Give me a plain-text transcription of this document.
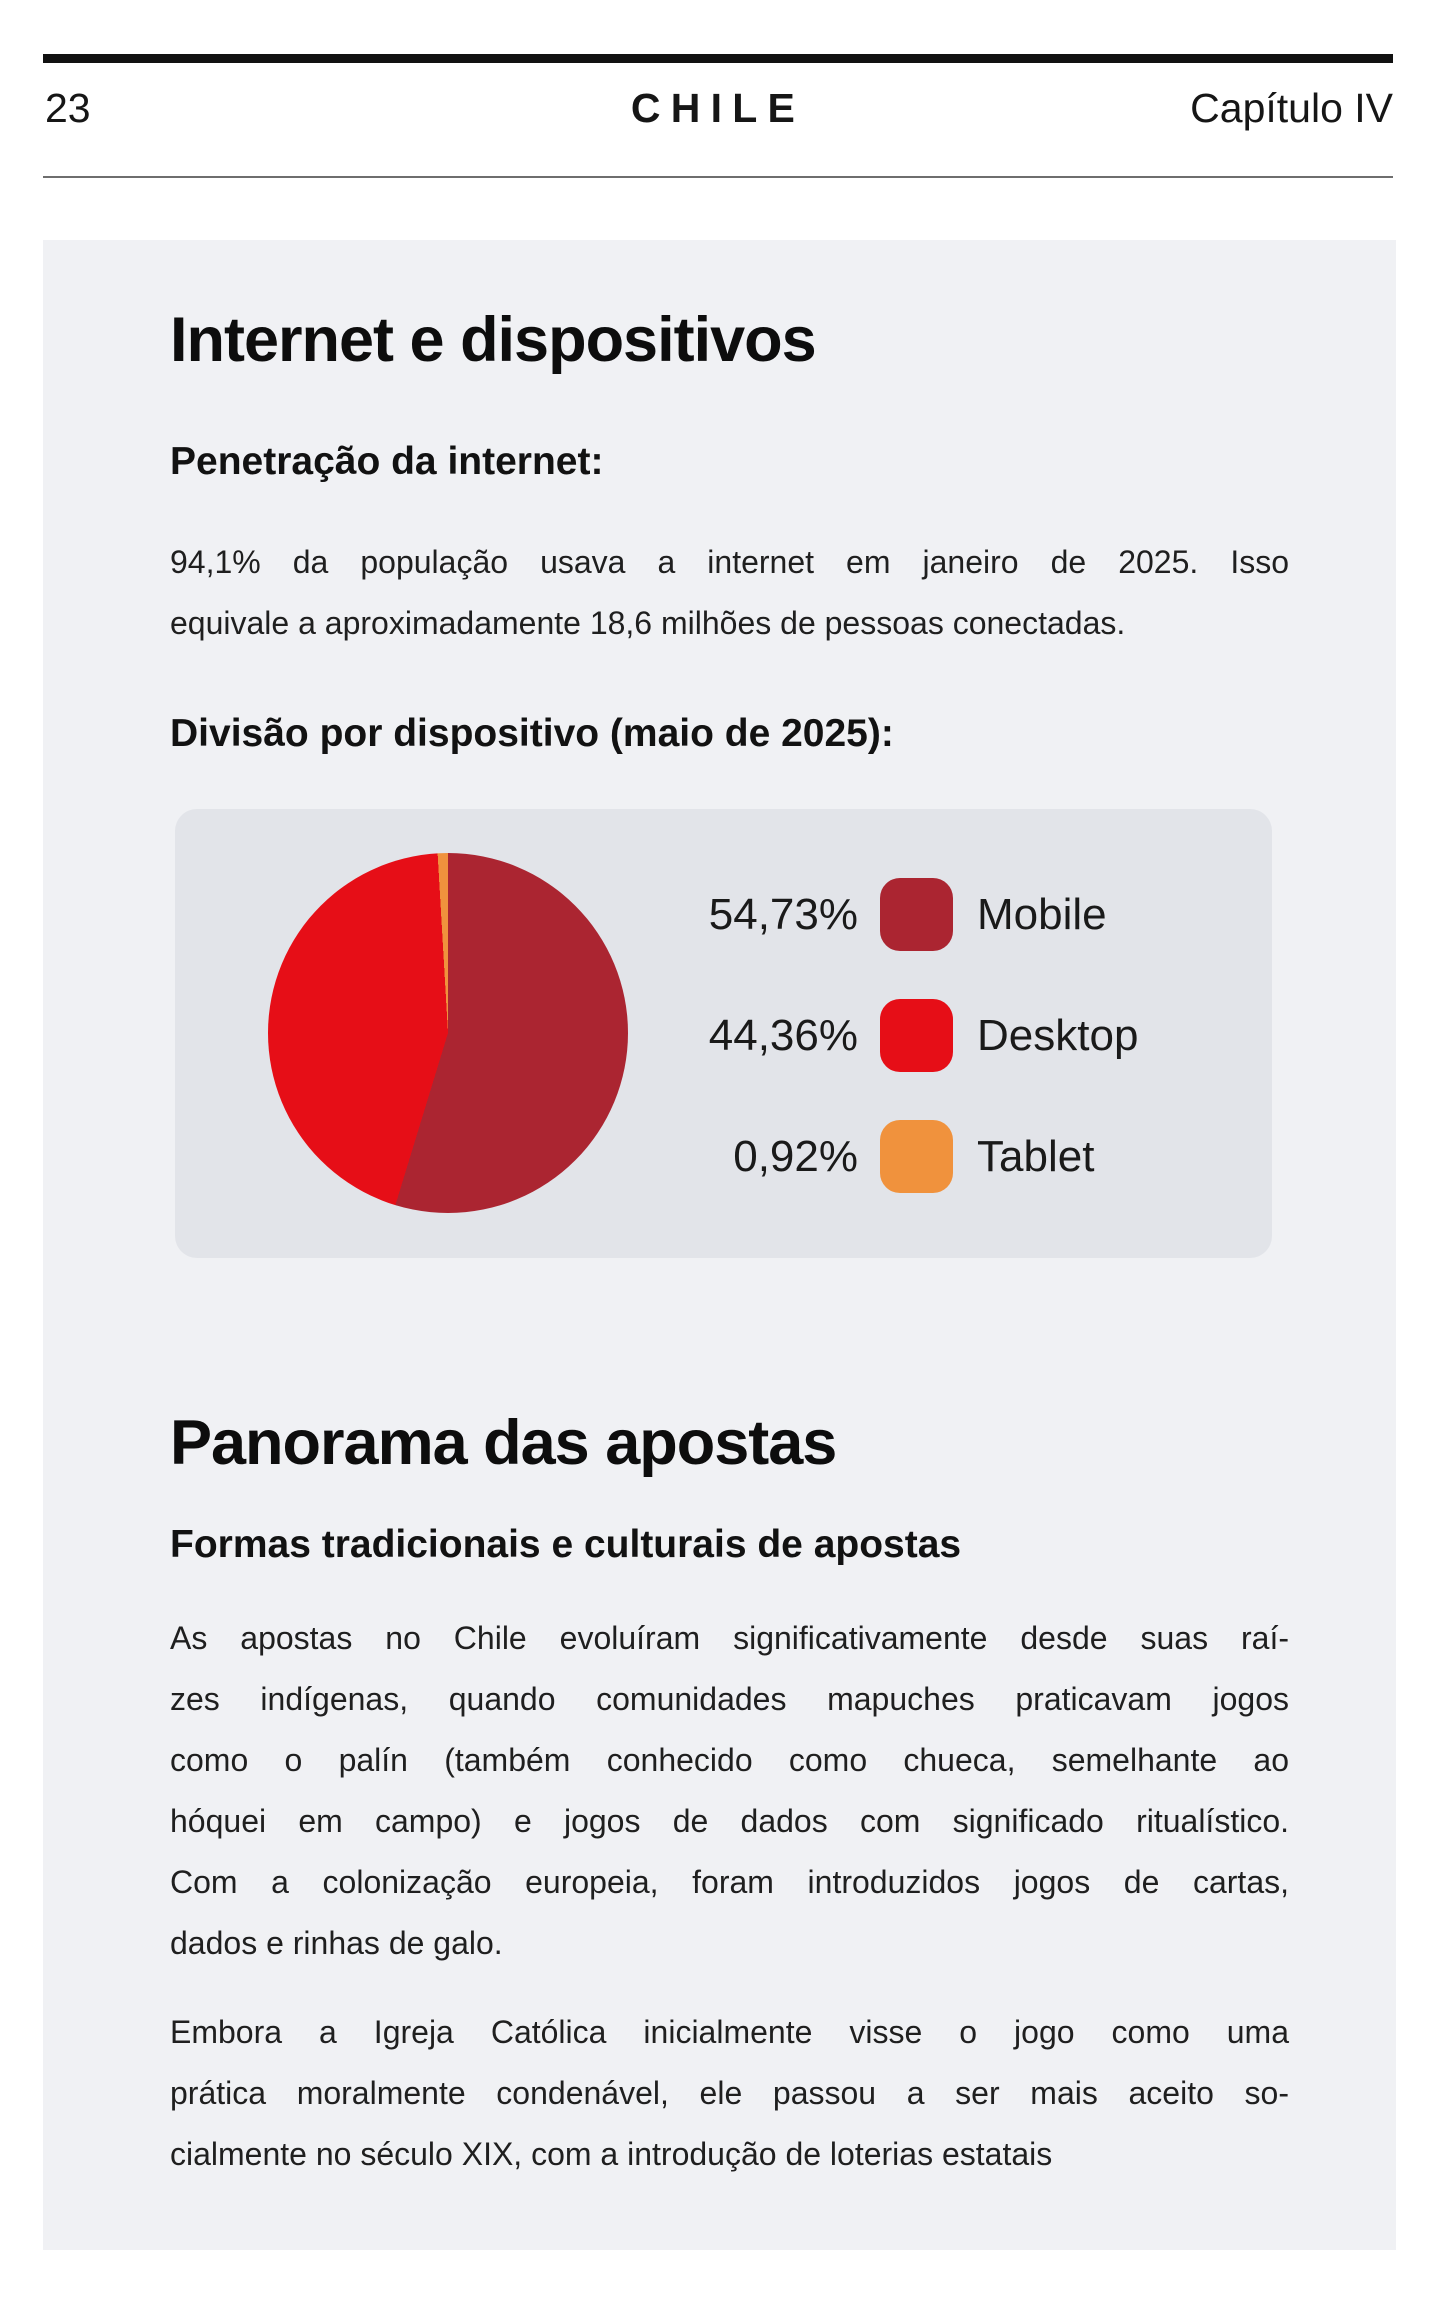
23	CHILE	Capítulo IV
Internet e dispositivos
Penetração da internet:
94,1% da população usava a internet em janeiro de 2025. Isso
equivale a aproximadamente 18,6 milhões de pessoas conectadas.
Divisão por dispositivo (maio de 2025):
54,73%	Mobile
44,36%	Desktop
0,92%	Tablet
Panorama das apostas
Formas tradicionais e culturais de apostas
As apostas no Chile evoluíram significativamente desde suas raí-
zes indígenas, quando comunidades mapuches praticavam jogos
como o palín (também conhecido como chueca, semelhante ao
hóquei em campo) e jogos de dados com significado ritualístico.
Com a colonização europeia, foram introduzidos jogos de cartas,
dados e rinhas de galo.
Embora a Igreja Católica inicialmente visse o jogo como uma
prática moralmente condenável, ele passou a ser mais aceito so-
cialmente no século XIX, com a introdução de loterias estatais
